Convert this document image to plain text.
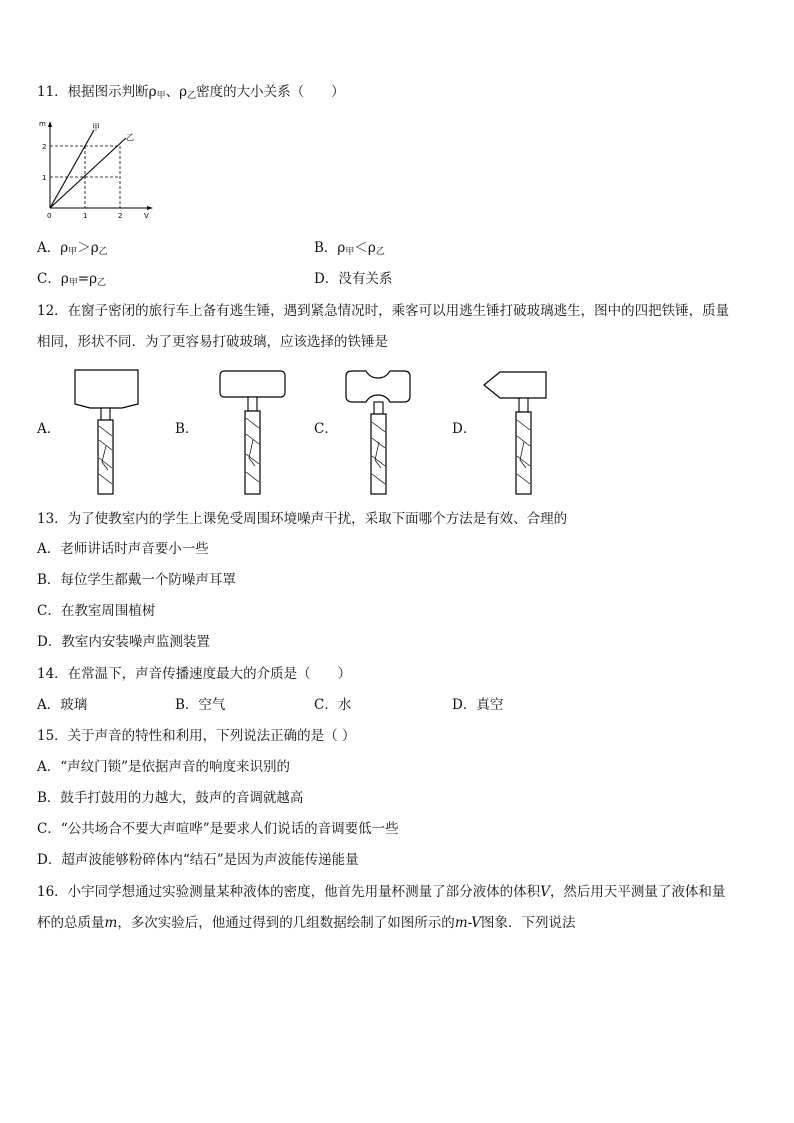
11．根据图示判断$\rho_甲$、$\rho_乙$密度的大小关系（　　）
m
V
2
1
0	1	2
甲
乙
A．$\rho_甲>\rho_乙$	B．$\rho_甲<\rho_乙$
C．$\rho_甲=\rho_乙$	D．没有关系
12．在窗子密闭的旅行车上备有逃生锤，遇到紧急情况时，乘客可以用逃生锤打破玻璃逃生，图中的四把铁锤，质量
相同，形状不同．为了更容易打破玻璃，应该选择的铁锤是
A．	B．	C．	D．
13．为了使教室内的学生上课免受周围环境噪声干扰，采取下面哪个方法是有效、合理的
A．老师讲话时声音要小一些
B．每位学生都戴一个防噪声耳罩
C．在教室周围植树
D．教室内安装噪声监测装置
14．在常温下，声音传播速度最大的介质是（　　）
A．玻璃	B．空气	C．水	D．真空
15．关于声音的特性和利用，下列说法正确的是（ ）
A．“声纹门锁”是依据声音的响度来识别的
B．鼓手打鼓用的力越大，鼓声的音调就越高
C．“公共场合不要大声喧哗”是要求人们说话的音调要低一些
D．超声波能够粉碎体内“结石”是因为声波能传递能量
16．小宇同学想通过实验测量某种液体的密度，他首先用量杯测量了部分液体的体积V，然后用天平测量了液体和量
杯的总质量m，多次实验后，他通过得到的几组数据绘制了如图所示的m-V图象．下列说法
